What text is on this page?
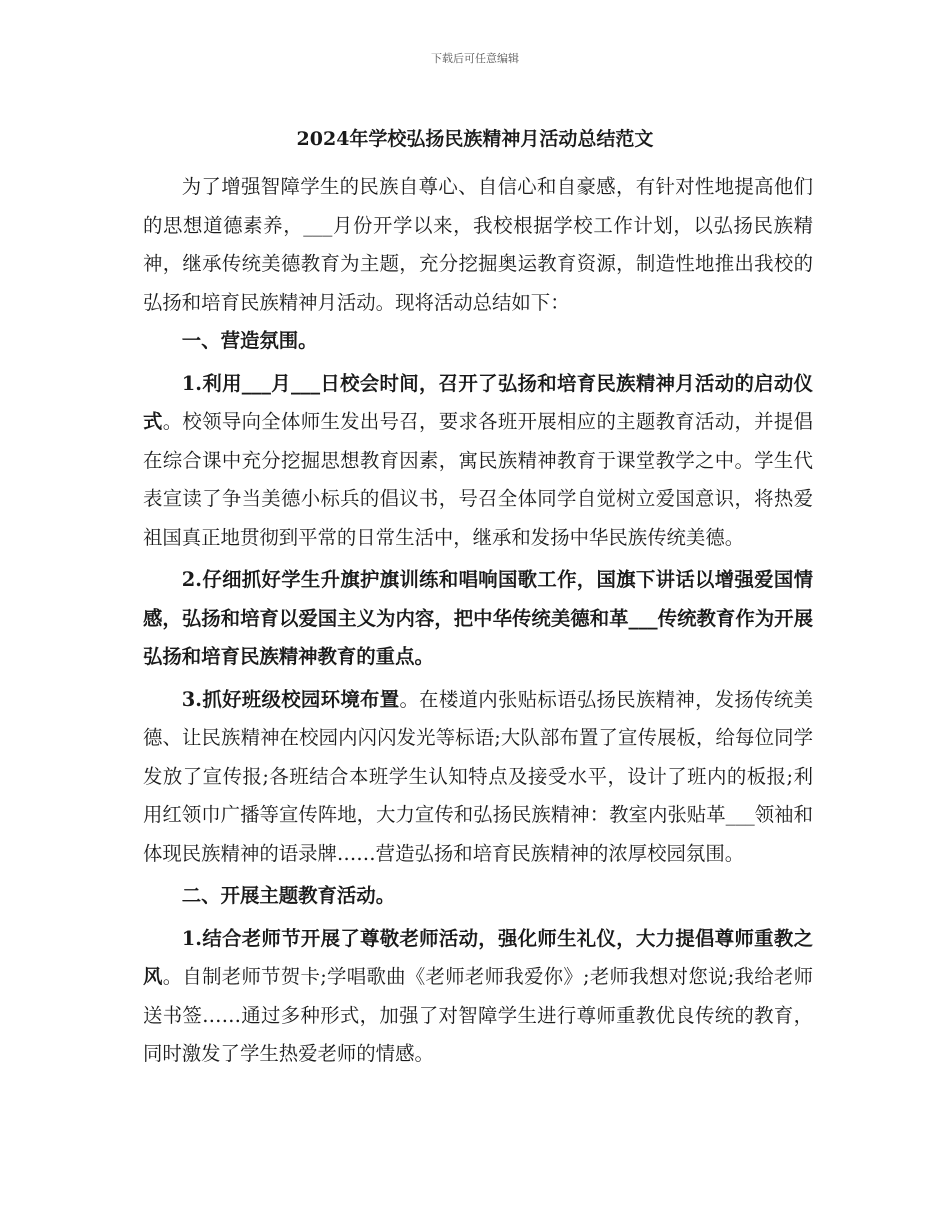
下载后可任意编辑
2024年学校弘扬民族精神月活动总结范文

为了增强智障学生的民族自尊心、自信心和自豪感，有针对性地提高他们的思想道德素养，___月份开学以来，我校根据学校工作计划，以弘扬民族精神，继承传统美德教育为主题，充分挖掘奥运教育资源，制造性地推出我校的弘扬和培育民族精神月活动。现将活动总结如下：

一、营造氛围。

1.利用___月___日校会时间，召开了弘扬和培育民族精神月活动的启动仪式。校领导向全体师生发出号召，要求各班开展相应的主题教育活动，并提倡在综合课中充分挖掘思想教育因素，寓民族精神教育于课堂教学之中。学生代表宣读了争当美德小标兵的倡议书，号召全体同学自觉树立爱国意识，将热爱祖国真正地贯彻到平常的日常生活中，继承和发扬中华民族传统美德。

2.仔细抓好学生升旗护旗训练和唱响国歌工作，国旗下讲话以增强爱国情感，弘扬和培育以爱国主义为内容，把中华传统美德和革___传统教育作为开展弘扬和培育民族精神教育的重点。

3.抓好班级校园环境布置。在楼道内张贴标语弘扬民族精神，发扬传统美德、让民族精神在校园内闪闪发光等标语;大队部布置了宣传展板，给每位同学发放了宣传报;各班结合本班学生认知特点及接受水平，设计了班内的板报;利用红领巾广播等宣传阵地，大力宣传和弘扬民族精神：教室内张贴革___领袖和体现民族精神的语录牌……营造弘扬和培育民族精神的浓厚校园氛围。

二、开展主题教育活动。

1.结合老师节开展了尊敬老师活动，强化师生礼仪，大力提倡尊师重教之风。自制老师节贺卡;学唱歌曲《老师老师我爱你》;老师我想对您说;我给老师送书签……通过多种形式，加强了对智障学生进行尊师重教优良传统的教育，同时激发了学生热爱老师的情感。
